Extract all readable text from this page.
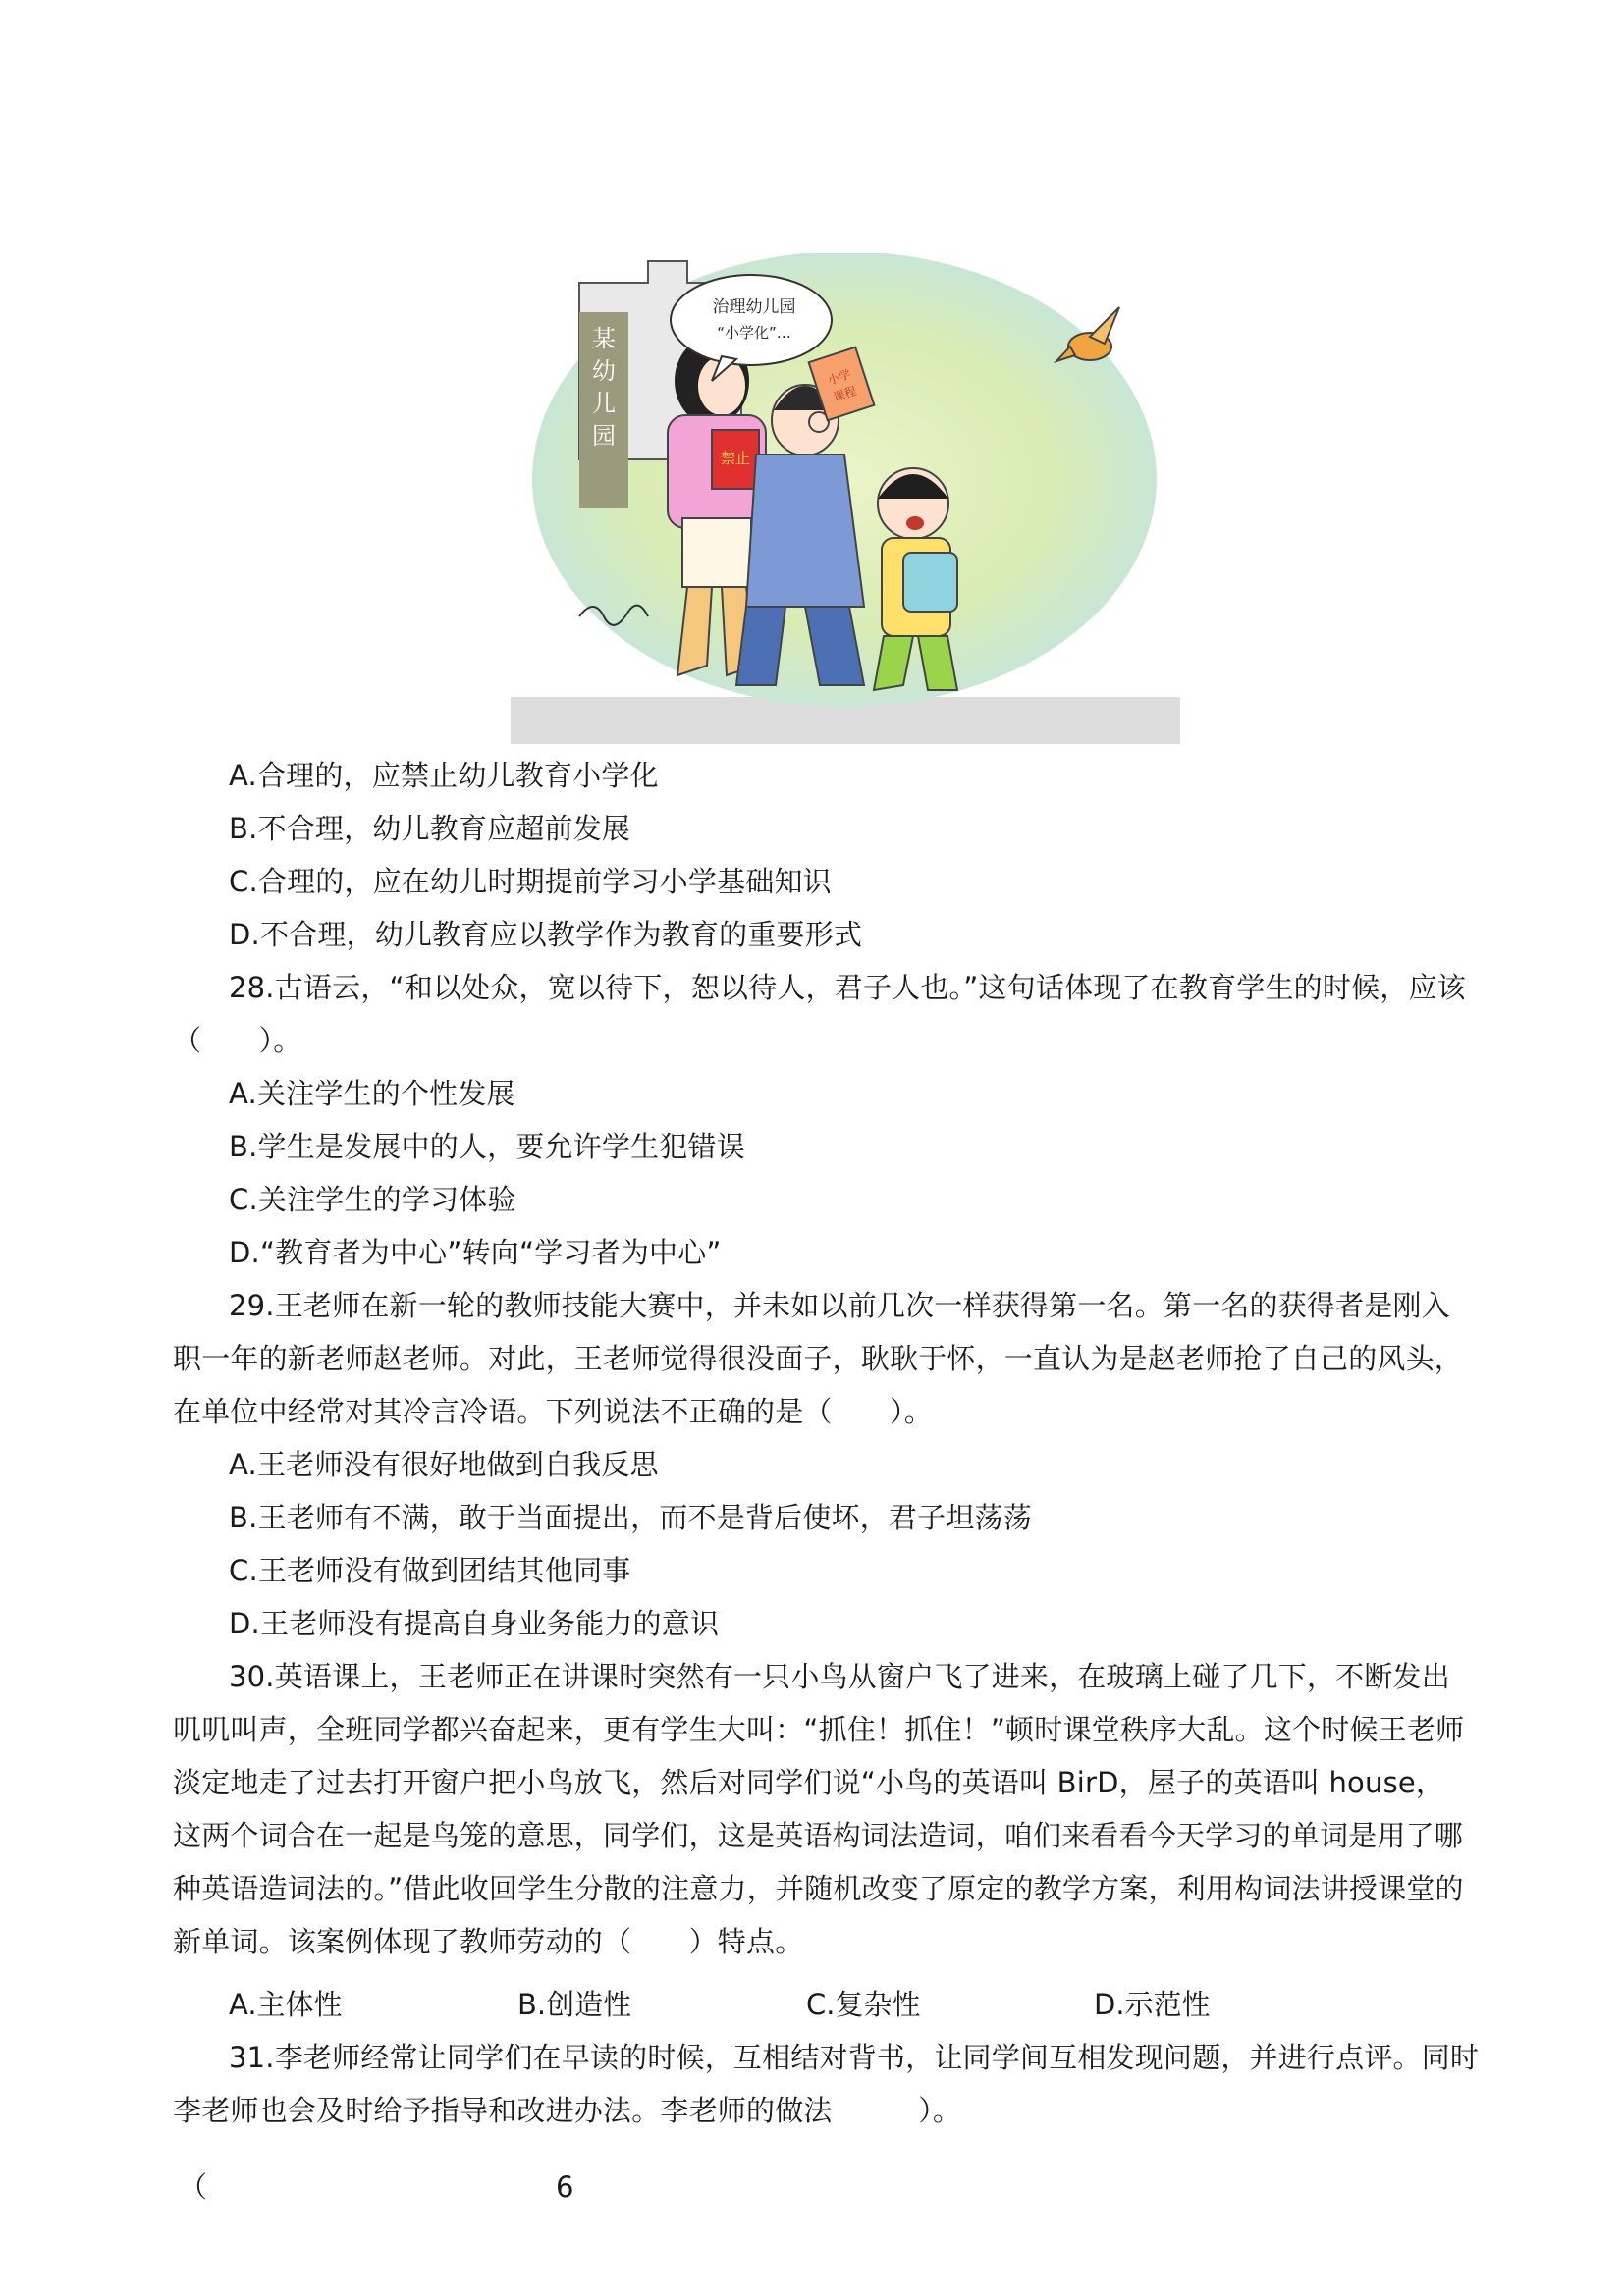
某
幼
儿
园
禁止
治理幼儿园
“小学化”…
小学
课程
A.合理的，应禁止幼儿教育小学化
B.不合理，幼儿教育应超前发展
C.合理的，应在幼儿时期提前学习小学基础知识
D.不合理，幼儿教育应以教学作为教育的重要形式
28.古语云，“和以处众，宽以待下，恕以待人，君子人也。”这句话体现了在教育学生的时候，应该
（　　）。
A.关注学生的个性发展
B.学生是发展中的人，要允许学生犯错误
C.关注学生的学习体验
D.“教育者为中心”转向“学习者为中心”
29.王老师在新一轮的教师技能大赛中，并未如以前几次一样获得第一名。第一名的获得者是刚入
职一年的新老师赵老师。对此，王老师觉得很没面子，耿耿于怀，一直认为是赵老师抢了自己的风头，
在单位中经常对其冷言冷语。下列说法不正确的是（　　）。
A.王老师没有很好地做到自我反思
B.王老师有不满，敢于当面提出，而不是背后使坏，君子坦荡荡
C.王老师没有做到团结其他同事
D.王老师没有提高自身业务能力的意识
30.英语课上，王老师正在讲课时突然有一只小鸟从窗户飞了进来，在玻璃上碰了几下，不断发出
叽叽叫声，全班同学都兴奋起来，更有学生大叫：“抓住！抓住！”顿时课堂秩序大乱。这个时候王老师
淡定地走了过去打开窗户把小鸟放飞，然后对同学们说“小鸟的英语叫 BirD，屋子的英语叫 house，
这两个词合在一起是鸟笼的意思，同学们，这是英语构词法造词，咱们来看看今天学习的单词是用了哪
种英语造词法的。”借此收回学生分散的注意力，并随机改变了原定的教学方案，利用构词法讲授课堂的
新单词。该案例体现了教师劳动的（　　）特点。
A.主体性	B.创造性	C.复杂性	D.示范性
31.李老师经常让同学们在早读的时候，互相结对背书，让同学间互相发现问题，并进行点评。同时
李老师也会及时给予指导和改进办法。李老师的做法　　　）。
（	6
